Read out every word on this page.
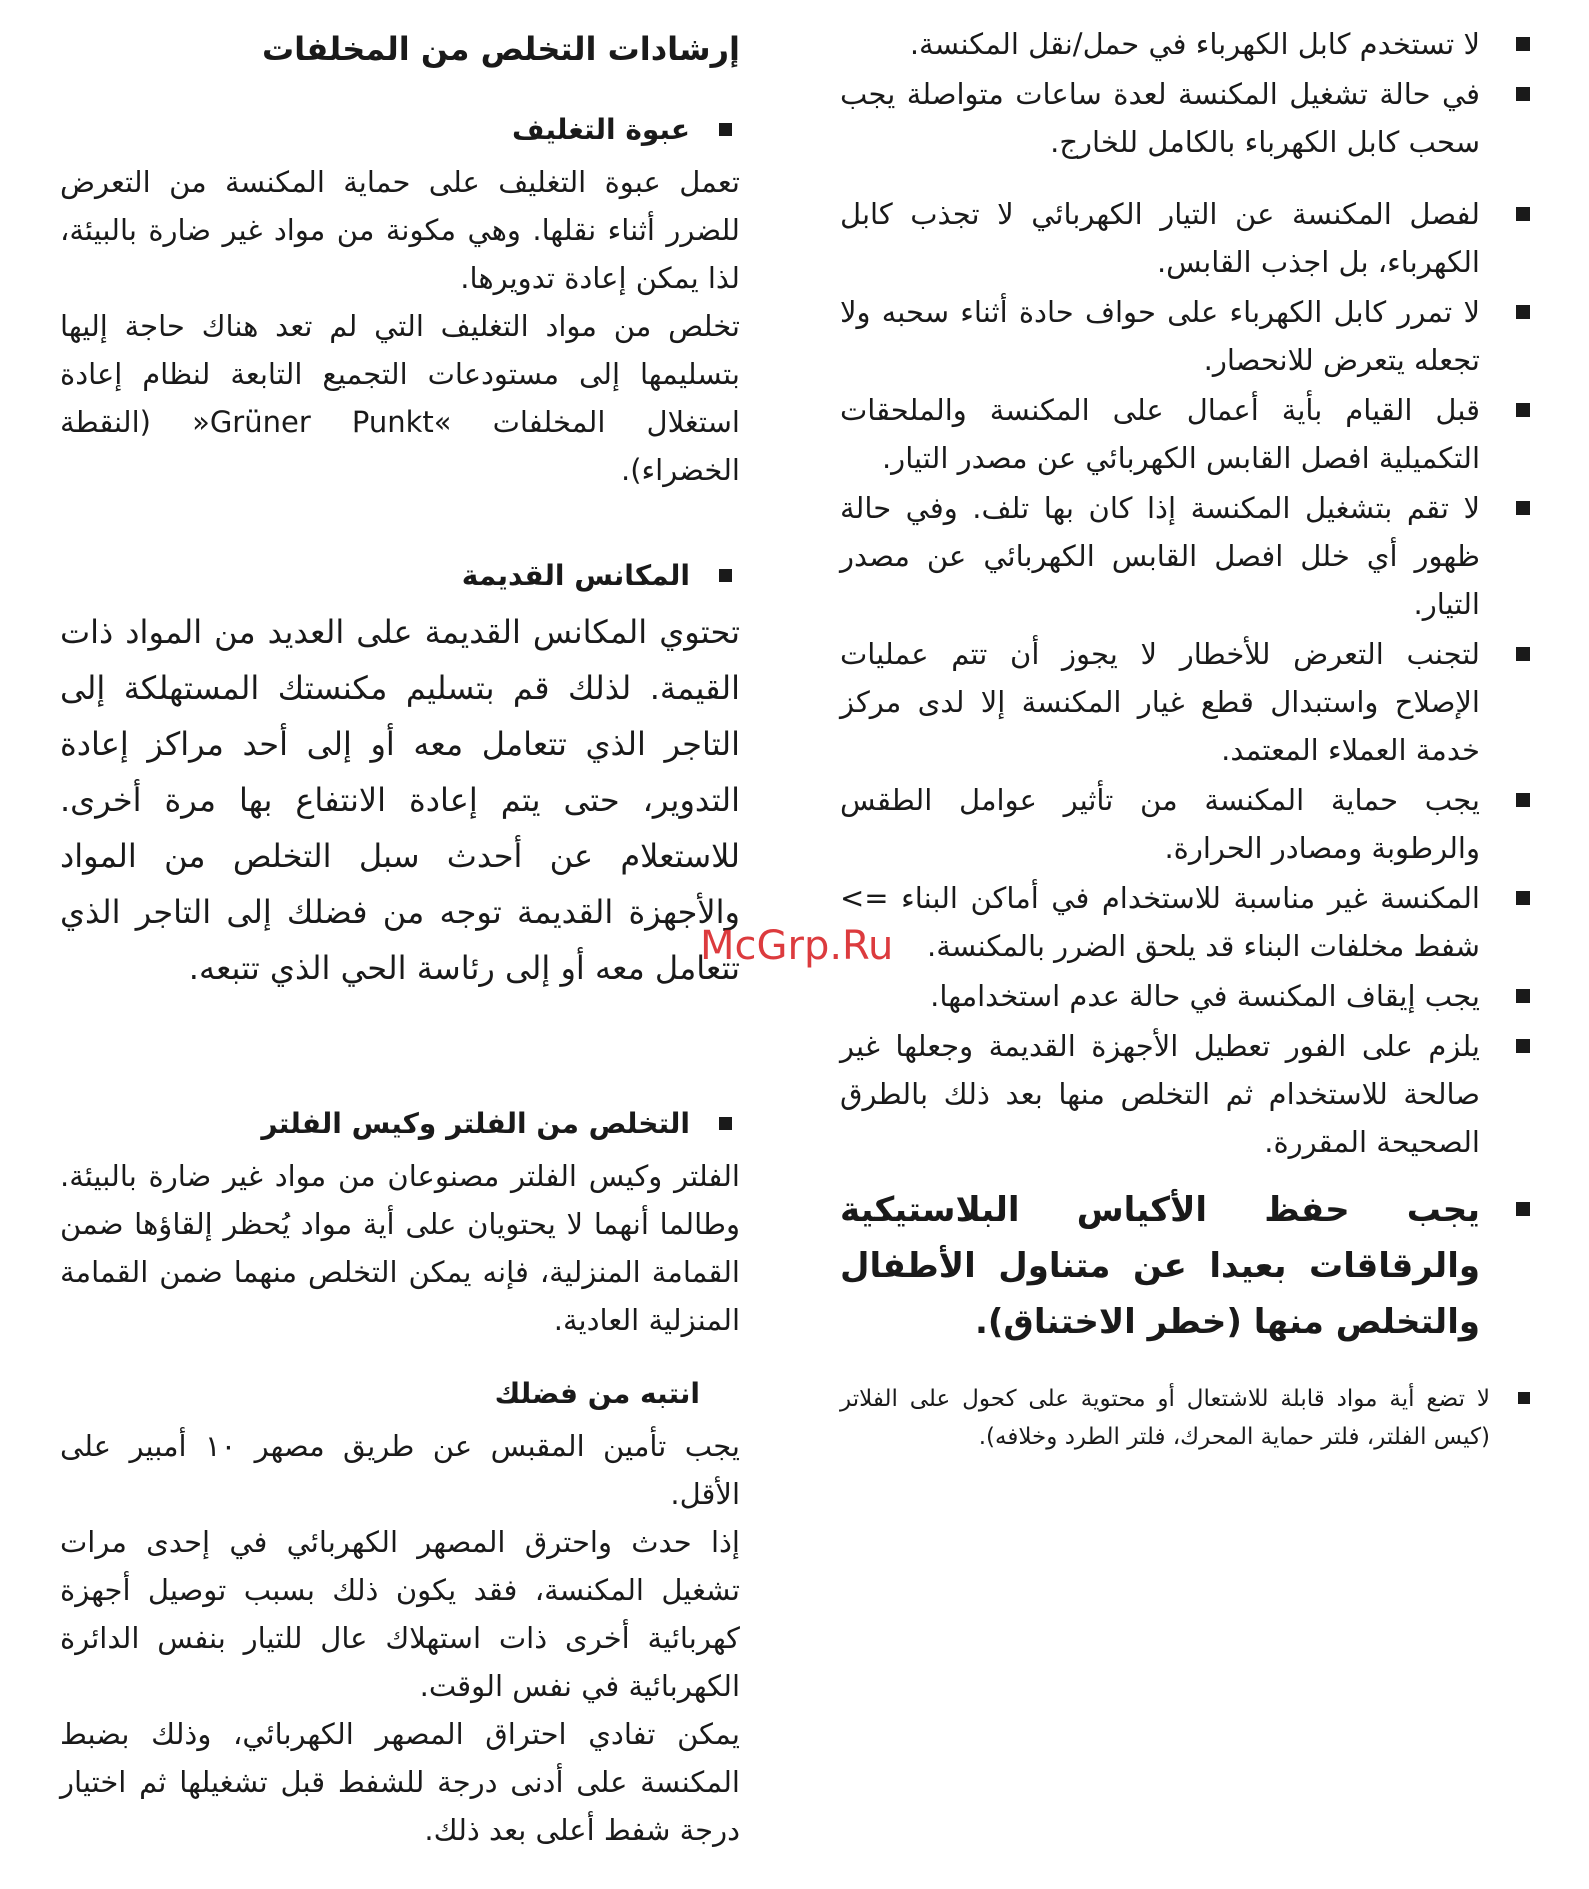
لا تستخدم كابل الكهرباء في حمل/نقل المكنسة.
في حالة تشغيل المكنسة لعدة ساعات متواصلة يجب سحب كابل الكهرباء بالكامل للخارج.
لفصل المكنسة عن التيار الكهربائي لا تجذب كابل الكهرباء، بل اجذب القابس.
لا تمرر كابل الكهرباء على حواف حادة أثناء سحبه ولا تجعله يتعرض للانحصار.
قبل القيام بأية أعمال على المكنسة والملحقات التكميلية افصل القابس الكهربائي عن مصدر التيار.
لا تقم بتشغيل المكنسة إذا كان بها تلف. وفي حالة ظهور أي خلل افصل القابس الكهربائي عن مصدر التيار.
لتجنب التعرض للأخطار لا يجوز أن تتم عمليات الإصلاح واستبدال قطع غيار المكنسة إلا لدى مركز خدمة العملاء المعتمد.
يجب حماية المكنسة من تأثير عوامل الطقس والرطوبة ومصادر الحرارة.
المكنسة غير مناسبة للاستخدام في أماكن البناء => شفط مخلفات البناء قد يلحق الضرر بالمكنسة.
يجب إيقاف المكنسة في حالة عدم استخدامها.
يلزم على الفور تعطيل الأجهزة القديمة وجعلها غير صالحة للاستخدام ثم التخلص منها بعد ذلك بالطرق الصحيحة المقررة.
يجب حفظ الأكياس البلاستيكية والرقاقات بعيدا عن متناول الأطفال والتخلص منها (خطر الاختناق).
لا تضع أية مواد قابلة للاشتعال أو محتوية على كحول على الفلاتر (كيس الفلتر، فلتر حماية المحرك، فلتر الطرد وخلافه).
إرشادات التخلص من المخلفات
عبوة التغليف

تعمل عبوة التغليف على حماية المكنسة من التعرض للضرر أثناء نقلها. وهي مكونة من مواد غير ضارة بالبيئة، لذا يمكن إعادة تدويرها.

تخلص من مواد التغليف التي لم تعد هناك حاجة إليها بتسليمها إلى مستودعات التجميع التابعة لنظام إعادة استغلال المخلفات »Grüner Punkt« (النقطة الخضراء).

المكانس القديمة

تحتوي المكانس القديمة على العديد من المواد ذات القيمة. لذلك قم بتسليم مكنستك المستهلكة إلى التاجر الذي تتعامل معه أو إلى أحد مراكز إعادة التدوير، حتى يتم إعادة الانتفاع بها مرة أخرى. للاستعلام عن أحدث سبل التخلص من المواد والأجهزة القديمة توجه من فضلك إلى التاجر الذي تتعامل معه أو إلى رئاسة الحي الذي تتبعه.

التخلص من الفلتر وكيس الفلتر

الفلتر وكيس الفلتر مصنوعان من مواد غير ضارة بالبيئة. وطالما أنهما لا يحتويان على أية مواد يُحظر إلقاؤها ضمن القمامة المنزلية، فإنه يمكن التخلص منهما ضمن القمامة المنزلية العادية.

انتبه من فضلك

يجب تأمين المقبس عن طريق مصهر ١٠ أمبير على الأقل.

إذا حدث واحترق المصهر الكهربائي في إحدى مرات تشغيل المكنسة، فقد يكون ذلك بسبب توصيل أجهزة كهربائية أخرى ذات استهلاك عال للتيار بنفس الدائرة الكهربائية في نفس الوقت.

يمكن تفادي احتراق المصهر الكهربائي، وذلك بضبط المكنسة على أدنى درجة للشفط قبل تشغيلها ثم اختيار درجة شفط أعلى بعد ذلك.

McGrp.Ru
